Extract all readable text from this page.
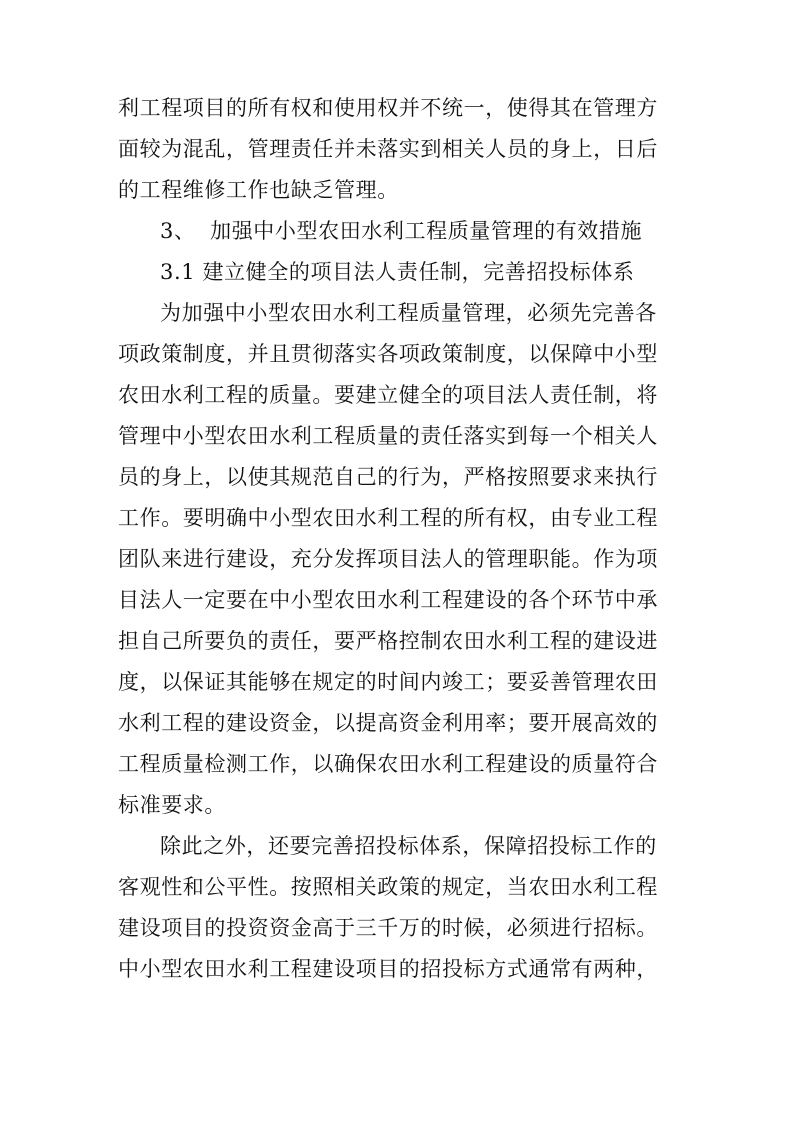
利工程项目的所有权和使用权并不统一，使得其在管理方
面较为混乱，管理责任并未落实到相关人员的身上，日后
的工程维修工作也缺乏管理。

3、  加强中小型农田水利工程质量管理的有效措施

3.1 建立健全的项目法人责任制，完善招投标体系

为加强中小型农田水利工程质量管理，必须先完善各
项政策制度，并且贯彻落实各项政策制度，以保障中小型
农田水利工程的质量。要建立健全的项目法人责任制，将
管理中小型农田水利工程质量的责任落实到每一个相关人
员的身上，以使其规范自己的行为，严格按照要求来执行
工作。要明确中小型农田水利工程的所有权，由专业工程
团队来进行建设，充分发挥项目法人的管理职能。作为项
目法人一定要在中小型农田水利工程建设的各个环节中承
担自己所要负的责任，要严格控制农田水利工程的建设进
度，以保证其能够在规定的时间内竣工；要妥善管理农田
水利工程的建设资金，以提高资金利用率；要开展高效的
工程质量检测工作，以确保农田水利工程建设的质量符合
标准要求。

除此之外，还要完善招投标体系，保障招投标工作的
客观性和公平性。按照相关政策的规定，当农田水利工程
建设项目的投资资金高于三千万的时候，必须进行招标。
中小型农田水利工程建设项目的招投标方式通常有两种，
